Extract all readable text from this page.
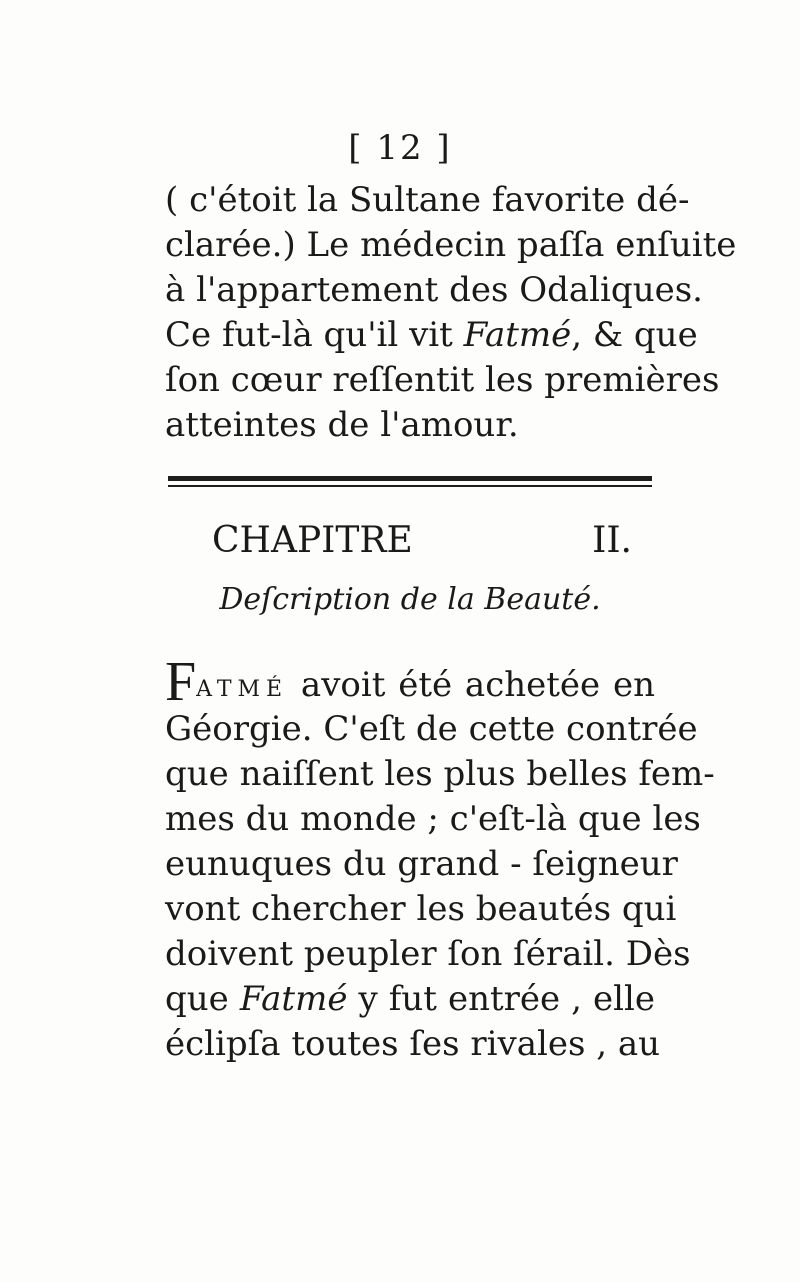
[ 12 ]
( c'étoit la Sultane favorite dé-
clarée.) Le médecin paſſa enſuite
à l'appartement des Odaliques.
Ce fut-là qu'il vit Fatmé, & que
ſon cœur reſſentit les premières
atteintes de l'amour.
CHAPITRE II.
Deſcription de la Beauté.
FATMÉ avoit été achetée en
Géorgie. C'eſt de cette contrée
que naiſſent les plus belles fem-
mes du monde ; c'eſt-là que les
eunuques du grand - ſeigneur
vont chercher les beautés qui
doivent peupler ſon ſérail. Dès
que Fatmé y fut entrée , elle
éclipſa toutes ſes rivales , au
